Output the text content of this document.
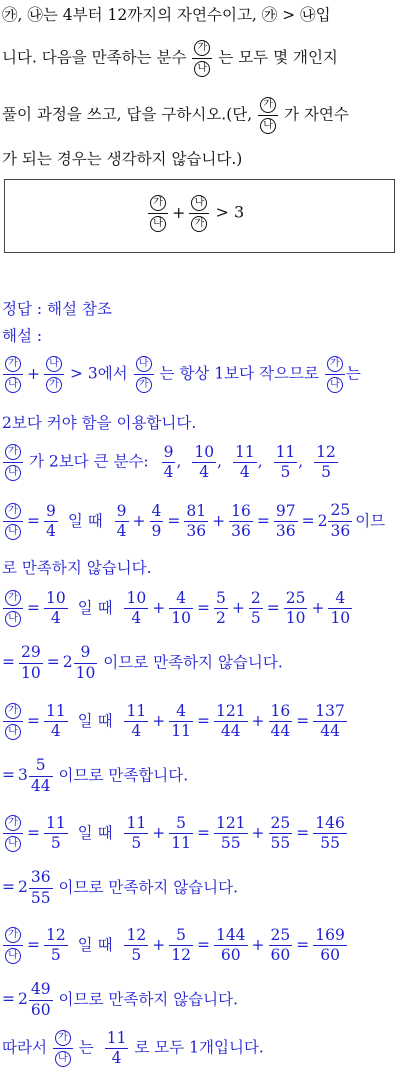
㉮, ㉯는 4부터 12까지의 자연수이고, ㉮ > ㉯입
니다. 다음을 만족하는 분수 $\frac{\text{가}}{\text{나}}$ 는 모두 몇 개인지
풀이 과정을 쓰고, 답을 구하시오.(단, $\frac{\text{가}}{\text{나}}$ 가 자연수
가 되는 경우는 생각하지 않습니다.)
$\frac{\text{가}}{\text{나}} + \frac{\text{나}}{\text{가}} > 3$
정답 : 해설 참조
해설 :
$\frac{\text{가}}{\text{나}} + \frac{\text{나}}{\text{가}} > 3$에서 $\frac{\text{나}}{\text{가}}$ 는 항상 1보다 작으므로 $\frac{\text{가}}{\text{나}}$ 는
2보다 커야 함을 이용합니다.
$\frac{\text{가}}{\text{나}}$ 가 2보다 큰 분수: $\frac{9}{4}$ , $\frac{10}{4}$ , $\frac{11}{4}$ , $\frac{11}{5}$ , $\frac{12}{5}$
$\frac{\text{가}}{\text{나}} = \frac{9}{4}$ 일 때 $\frac{9}{4} + \frac{4}{9} = \frac{81}{36} + \frac{16}{36} = \frac{97}{36} = 2 \frac{25}{36}$ 이므
로 만족하지 않습니다.
$\frac{\text{가}}{\text{나}} = \frac{10}{4}$ 일 때 $\frac{10}{4} + \frac{4}{10} = \frac{5}{2} + \frac{2}{5} = \frac{25}{10} + \frac{4}{10}$
= $\frac{29}{10} = 2 \frac{9}{10}$ 이므로 만족하지 않습니다.
$\frac{\text{가}}{\text{나}} = \frac{11}{4}$ 일 때 $\frac{11}{4} + \frac{4}{11} = \frac{121}{44} + \frac{16}{44} = \frac{137}{44}$
= $3 \frac{5}{44}$ 이므로 만족합니다.
$\frac{\text{가}}{\text{나}} = \frac{11}{5}$ 일 때 $\frac{11}{5} + \frac{5}{11} = \frac{121}{55} + \frac{25}{55} = \frac{146}{55}$
= $2 \frac{36}{55}$ 이므로 만족하지 않습니다.
$\frac{\text{가}}{\text{나}} = \frac{12}{5}$ 일 때 $\frac{12}{5} + \frac{5}{12} = \frac{144}{60} + \frac{25}{60} = \frac{169}{60}$
= $2 \frac{49}{60}$ 이므로 만족하지 않습니다.
따라서 $\frac{\text{가}}{\text{나}}$ 는 $\frac{11}{4}$ 로 모두 1개입니다.
